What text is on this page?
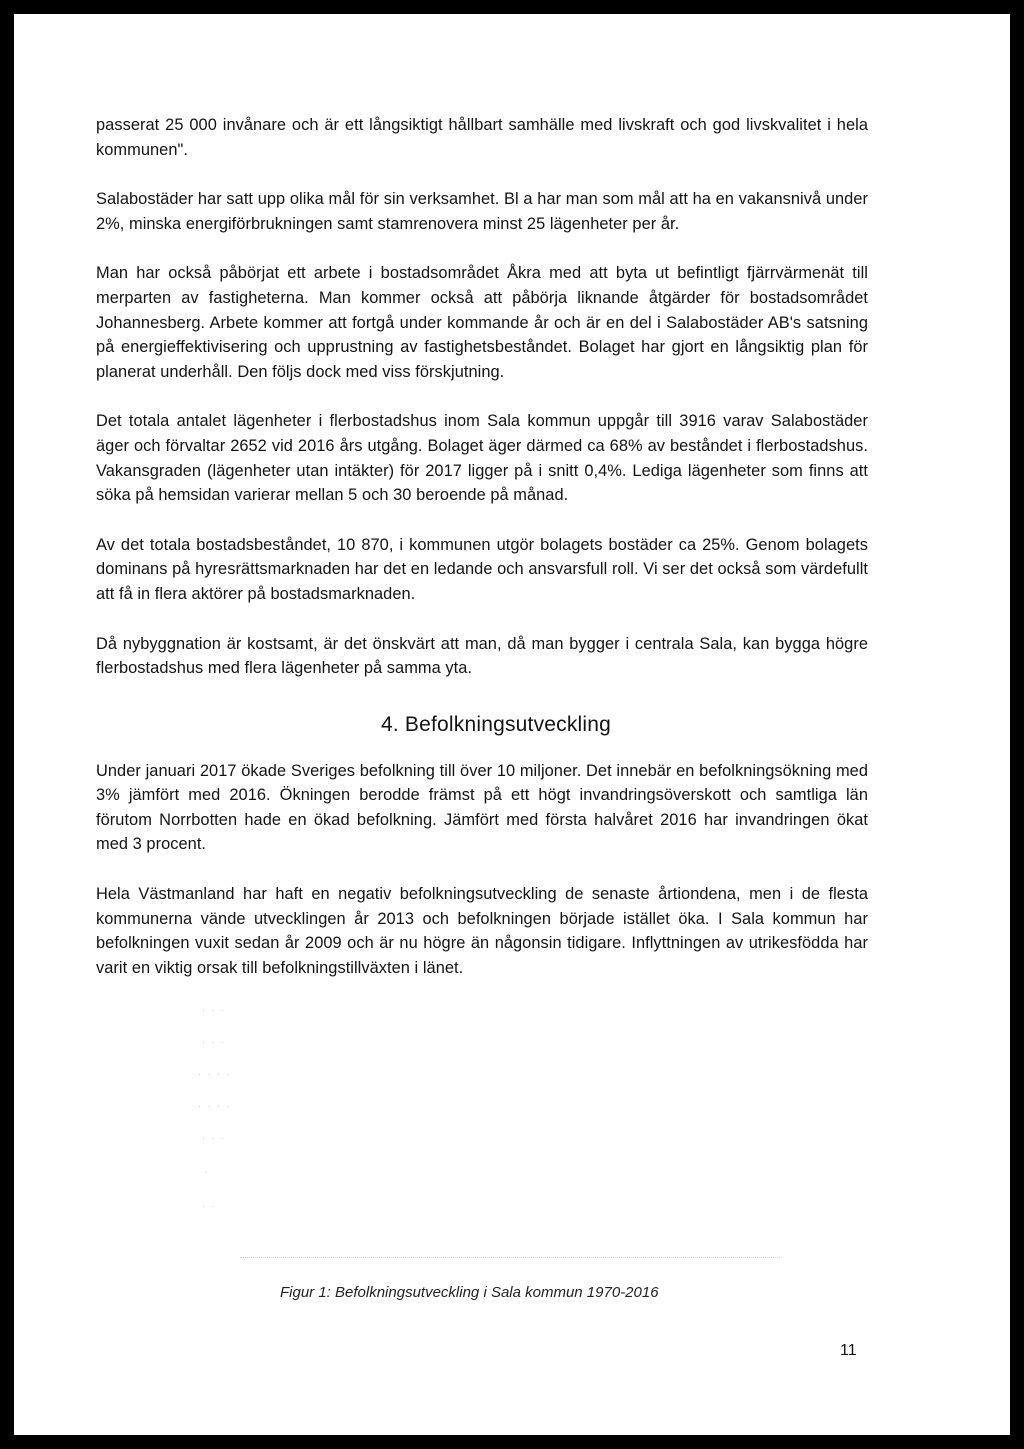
passerat 25 000 invånare och är ett långsiktigt hållbart samhälle med livskraft och god livskvalitet i hela kommunen".

Salabostäder har satt upp olika mål för sin verksamhet. Bl a har man som mål att ha en vakansnivå under 2%, minska energiförbrukningen samt stamrenovera minst 25 lägenheter per år.

Man har också påbörjat ett arbete i bostadsområdet Åkra med att byta ut befintligt fjärrvärmenät till merparten av fastigheterna. Man kommer också att påbörja liknande åtgärder för bostadsområdet Johannesberg. Arbete kommer att fortgå under kommande år och är en del i Salabostäder AB's satsning på energieffektivisering och upprustning av fastighetsbeståndet. Bolaget har gjort en långsiktig plan för planerat underhåll. Den följs dock med viss förskjutning.

Det totala antalet lägenheter i flerbostadshus inom Sala kommun uppgår till 3916 varav Salabostäder äger och förvaltar 2652 vid 2016 års utgång. Bolaget äger därmed ca 68% av beståndet i flerbostadshus. Vakansgraden (lägenheter utan intäkter) för 2017 ligger på i snitt 0,4%. Lediga lägenheter som finns att söka på hemsidan varierar mellan 5 och 30 beroende på månad.

Av det totala bostadsbeståndet, 10 870, i kommunen utgör bolagets bostäder ca 25%. Genom bolagets dominans på hyresrättsmarknaden har det en ledande och ansvarsfull roll. Vi ser det också som värdefullt att få in flera aktörer på bostadsmarknaden.

Då nybyggnation är kostsamt, är det önskvärt att man, då man bygger i centrala Sala, kan bygga högre flerbostadshus med flera lägenheter på samma yta.

4. Befolkningsutveckling

Under januari 2017 ökade Sveriges befolkning till över 10 miljoner. Det innebär en befolkningsökning med 3% jämfört med 2016. Ökningen berodde främst på ett högt invandringsöverskott och samtliga län förutom Norrbotten hade en ökad befolkning. Jämfört med första halvåret 2016 har invandringen ökat med 3 procent.

Hela Västmanland har haft en negativ befolkningsutveckling de senaste årtiondena, men i de flesta kommunerna vände utvecklingen år 2013 och befolkningen började istället öka. I Sala kommun har befolkningen vuxit sedan år 2009 och är nu högre än någonsin tidigare. Inflyttningen av utrikesfödda har varit en viktig orsak till befolkningstillväxten i länet.

· · ·
· · ·
· · · ·
· · · ·
· · ·
·
· ·
Figur 1: Befolkningsutveckling i Sala kommun 1970-2016
11
